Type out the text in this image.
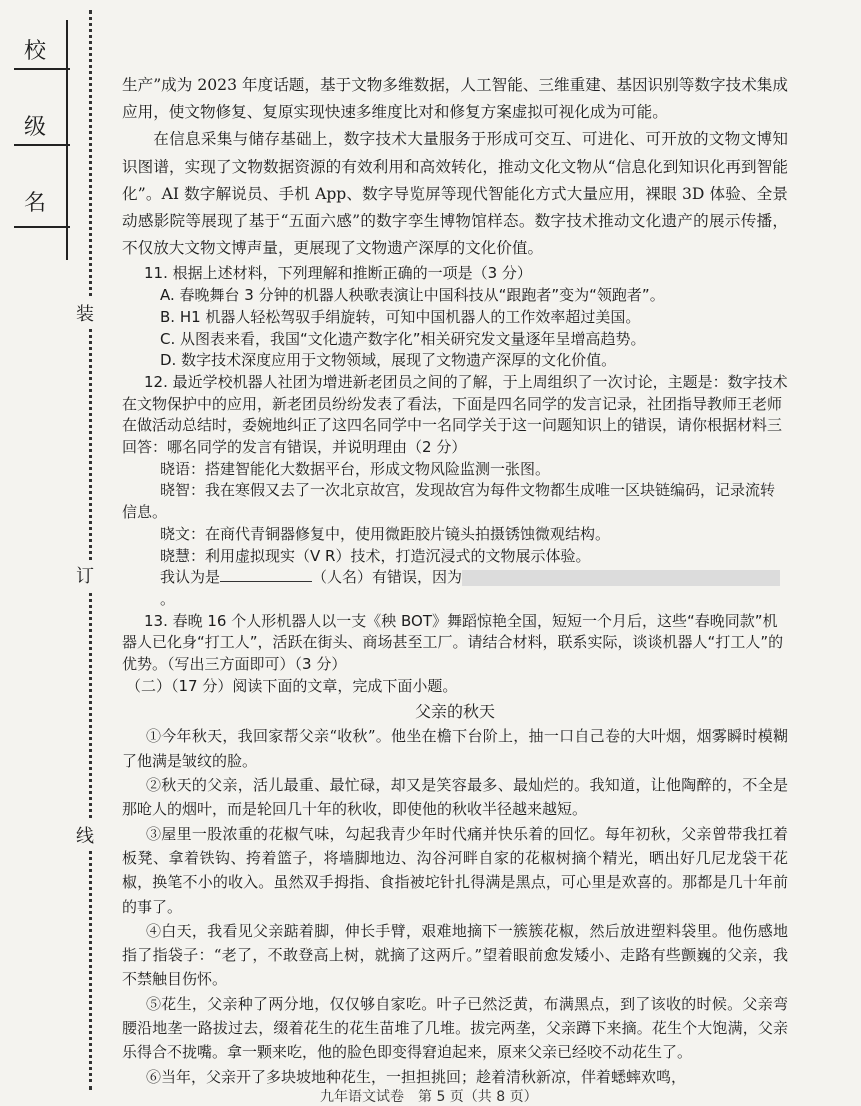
校
级
名
装
订
线

生产”成为 2023 年度话题，基于文物多维数据，人工智能、三维重建、基因识别等数字技术集成应用，使文物修复、复原实现快速多维度比对和修复方案虚拟可视化成为可能。

在信息采集与储存基础上，数字技术大量服务于形成可交互、可进化、可开放的文物文博知识图谱，实现了文物数据资源的有效利用和高效转化，推动文化文物从“信息化到知识化再到智能化”。AI 数字解说员、手机 App、数字导览屏等现代智能化方式大量应用，裸眼 3D 体验、全景动感影院等展现了基于“五面六感”的数字孪生博物馆样态。数字技术推动文化遗产的展示传播，不仅放大文物文博声量，更展现了文物遗产深厚的文化价值。

11. 根据上述材料，下列理解和推断正确的一项是（3 分）

A. 春晚舞台 3 分钟的机器人秧歌表演让中国科技从“跟跑者”变为“领跑者”。

B. H1 机器人轻松驾驭手绢旋转，可知中国机器人的工作效率超过美国。

C. 从图表来看，我国“文化遗产数字化”相关研究发文量逐年呈增高趋势。

D. 数字技术深度应用于文物领域，展现了文物遗产深厚的文化价值。

12. 最近学校机器人社团为增进新老团员之间的了解，于上周组织了一次讨论，主题是：数字技术在文物保护中的应用，新老团员纷纷发表了看法，下面是四名同学的发言记录，社团指导教师王老师在做活动总结时，委婉地纠正了这四名同学中一名同学关于这一问题知识上的错误，请你根据材料三回答：哪名同学的发言有错误，并说明理由（2 分）

晓语：搭建智能化大数据平台，形成文物风险监测一张图。

晓智：我在寒假又去了一次北京故宫，发现故宫为每件文物都生成唯一区块链编码，记录流转信息。

晓文：在商代青铜器修复中，使用微距胶片镜头拍摄锈蚀微观结构。

晓慧：利用虚拟现实（V R）技术，打造沉浸式的文物展示体验。

我认为是	（人名）有错误，因为。

13. 春晚 16 个人形机器人以一支《秧 BOT》舞蹈惊艳全国，短短一个月后，这些“春晚同款”机器人已化身“打工人”，活跃在街头、商场甚至工厂。请结合材料，联系实际，谈谈机器人“打工人”的优势。（写出三方面即可）（3 分）

（二）（17 分）阅读下面的文章，完成下面小题。

父亲的秋天

①今年秋天，我回家帮父亲“收秋”。他坐在檐下台阶上，抽一口自己卷的大叶烟，烟雾瞬时模糊了他满是皱纹的脸。

②秋天的父亲，活儿最重、最忙碌，却又是笑容最多、最灿烂的。我知道，让他陶醉的，不全是那呛人的烟叶，而是轮回几十年的秋收，即使他的秋收半径越来越短。

③屋里一股浓重的花椒气味，勾起我青少年时代痛并快乐着的回忆。每年初秋，父亲曾带我扛着板凳、拿着铁钩、挎着篮子，将墙脚地边、沟谷河畔自家的花椒树摘个精光，晒出好几尼龙袋干花椒，换笔不小的收入。虽然双手拇指、食指被坨针扎得满是黑点，可心里是欢喜的。那都是几十年前的事了。

④白天，我看见父亲踮着脚，伸长手臂，艰难地摘下一簇簇花椒，然后放进塑料袋里。他伤感地指了指袋子：“老了，不敢登高上树，就摘了这两斤。”望着眼前愈发矮小、走路有些颤巍的父亲，我不禁触目伤怀。

⑤花生，父亲种了两分地，仅仅够自家吃。叶子已然泛黄，布满黑点，到了该收的时候。父亲弯腰沿地垄一路拔过去，缀着花生的花生苗堆了几堆。拔完两垄，父亲蹲下来摘。花生个大饱满，父亲乐得合不拢嘴。拿一颗来吃，他的脸色即变得窘迫起来，原来父亲已经咬不动花生了。

⑥当年，父亲开了多块坡地种花生，一担担挑回；趁着清秋新凉，伴着蟋蟀欢鸣，

九年语文试卷　第 5 页（共 8 页）
